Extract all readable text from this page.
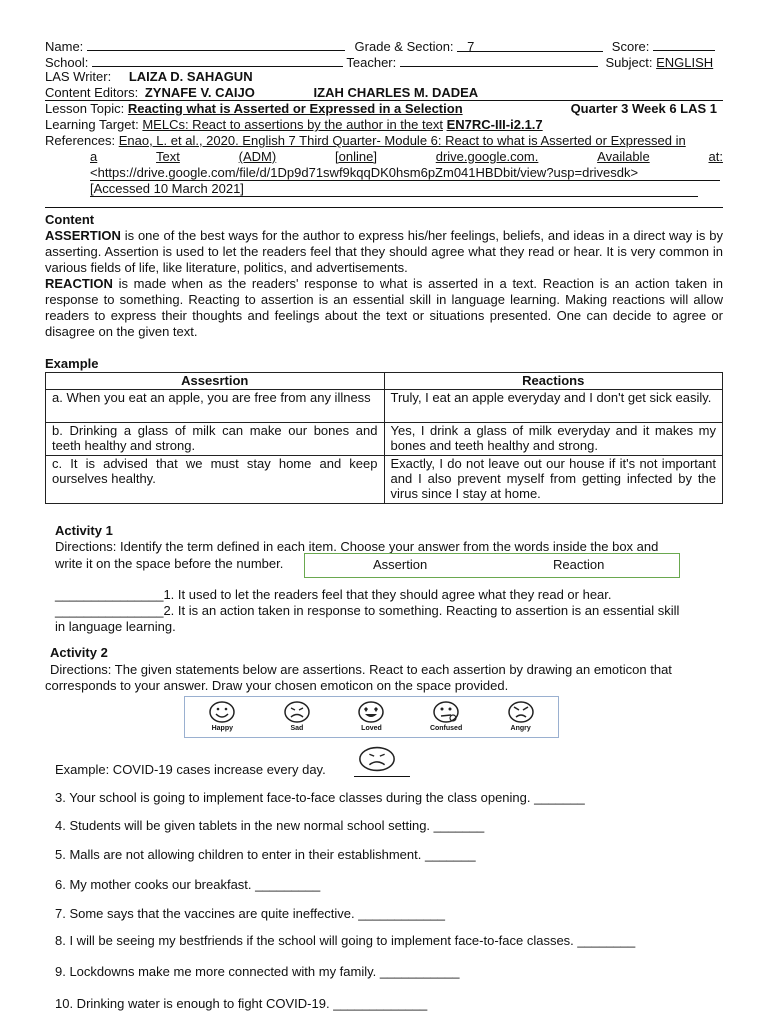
Name:	Grade & Section: 7	Score:
School:	Teacher:	Subject: ENGLISH
LAS Writer: LAIZA D. SAHAGUN
Content Editors: ZYNAFE V. CAIJO	IZAH CHARLES M. DADEA
Lesson Topic: Reacting what is Asserted or Expressed in a Selection	Quarter 3 Week 6 LAS 1
Learning Target: MELCs: React to assertions by the author in the text EN7RC-III-i2.1.7
References: Enao, L. et al., 2020. English 7 Third Quarter- Module 6: React to what is Asserted or Expressed in
a	Text	(ADM)	[online]	drive.google.com.	Available	at:
<https://drive.google.com/file/d/1Dp9d71swf9kqqDK0hsm6pZm041HBDbit/view?usp=drivesdk>
[Accessed 10 March 2021]
Content
ASSERTION is one of the best ways for the author to express his/her feelings, beliefs, and ideas in a direct way is by asserting. Assertion is used to let the readers feel that they should agree what they read or hear. It is very common in various fields of life, like literature, politics, and advertisements.
REACTION is made when as the readers' response to what is asserted in a text. Reaction is an action taken in response to something. Reacting to assertion is an essential skill in language learning. Making reactions will allow readers to express their thoughts and feelings about the text or situations presented. One can decide to agree or disagree on the given text.
Example
Assesrtion	Reactions
a. When you eat an apple, you are free from any illness	Truly, I eat an apple everyday and I don't get sick easily.
b. Drinking a glass of milk can make our bones and teeth healthy and strong.	Yes, I drink a glass of milk everyday and it makes my bones and teeth healthy and strong.
c. It is advised that we must stay home and keep ourselves healthy.	Exactly, I do not leave out our house if it's not important and I also prevent myself from getting infected by the virus since I stay at home.
Activity 1
Directions: Identify the term defined in each item. Choose your answer from the words inside the box and
write it on the space before the number.	Assertion	Reaction
_______________1. It used to let the readers feel that they should agree what they read or hear.
_______________2. It is an action taken in response to something. Reacting to assertion is an essential skill
in language learning.
Activity 2
Directions: The given statements below are assertions. React to each assertion by drawing an emoticon that
corresponds to your answer. Draw your chosen emoticon on the space provided.
Happy	Sad	Loved	Confused	Angry
Example: COVID-19 cases increase every day.
3. Your school is going to implement face-to-face classes during the class opening. _______
4. Students will be given tablets in the new normal school setting. _______
5. Malls are not allowing children to enter in their establishment. _______
6. My mother cooks our breakfast. _________
7. Some says that the vaccines are quite ineffective. ____________
8. I will be seeing my bestfriends if the school will going to implement face-to-face classes. ________
9. Lockdowns make me more connected with my family. ___________
10. Drinking water is enough to fight COVID-19. _____________
